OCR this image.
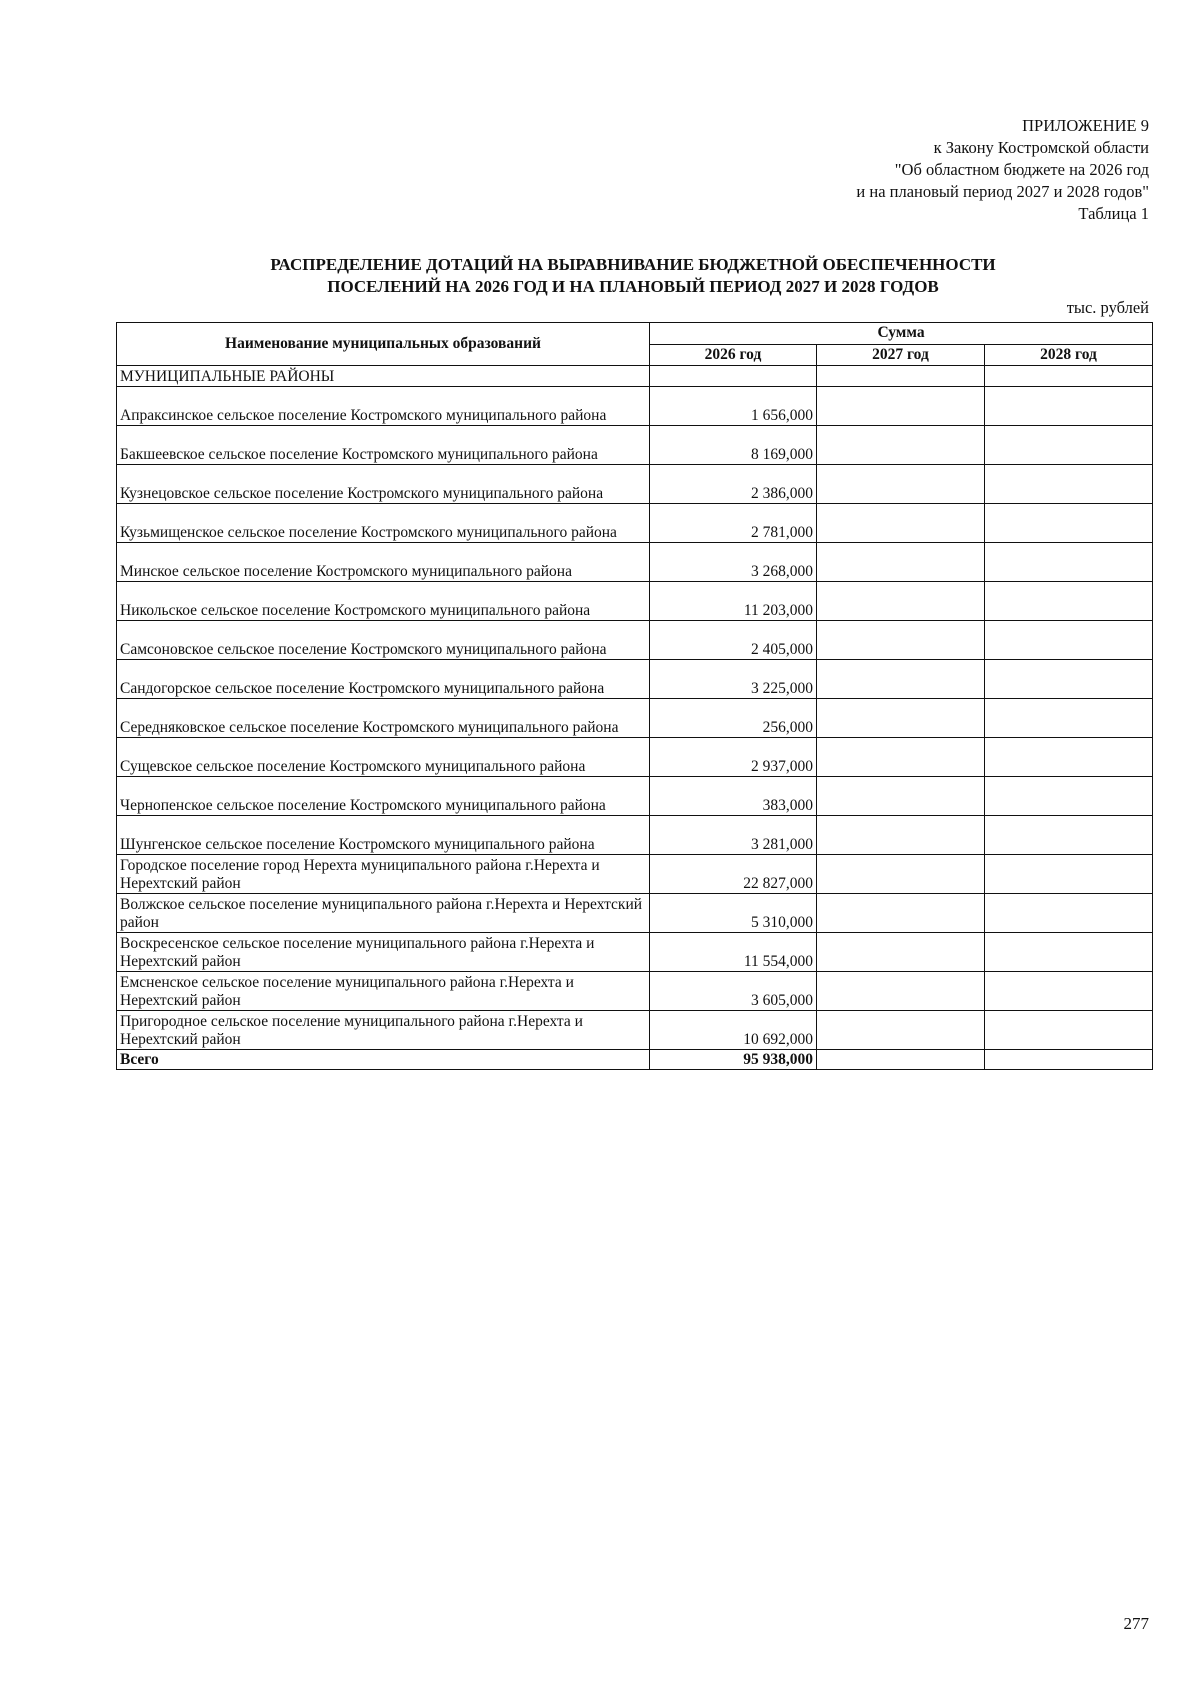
ПРИЛОЖЕНИЕ 9
к Закону Костромской области
"Об областном бюджете на 2026 год
и на плановый период 2027 и 2028 годов"
Таблица 1
РАСПРЕДЕЛЕНИЕ ДОТАЦИЙ НА ВЫРАВНИВАНИЕ БЮДЖЕТНОЙ ОБЕСПЕЧЕННОСТИ
ПОСЕЛЕНИЙ НА 2026 ГОД И НА ПЛАНОВЫЙ ПЕРИОД 2027 И 2028 ГОДОВ
тыс. рублей
Наименование муниципальных образований	Сумма		
	2026 год	2027 год	2028 год
МУНИЦИПАЛЬНЫЕ РАЙОНЫ			
Апраксинское сельское поселение Костромского муниципального района	1 656,000		
Бакшеевское сельское поселение Костромского муниципального района	8 169,000		
Кузнецовское сельское поселение Костромского муниципального района	2 386,000		
Кузьмищенское сельское поселение Костромского муниципального района	2 781,000		
Минское сельское поселение Костромского муниципального района	3 268,000		
Никольское сельское поселение Костромского муниципального района	11 203,000		
Самсоновское сельское поселение Костромского муниципального района	2 405,000		
Сандогорское сельское поселение Костромского муниципального района	3 225,000		
Середняковское сельское поселение Костромского муниципального района	256,000		
Сущевское сельское поселение Костромского муниципального района	2 937,000		
Чернопенское сельское поселение Костромского муниципального района	383,000		
Шунгенское сельское поселение Костромского муниципального района	3 281,000		
Городское поселение город Нерехта муниципального района г.Нерехта и Нерехтский район	22 827,000		
Волжское сельское поселение муниципального района г.Нерехта и Нерехтский район	5 310,000		
Воскресенское сельское поселение муниципального района г.Нерехта и Нерехтский район	11 554,000		
Емсненское сельское поселение муниципального района г.Нерехта и Нерехтский район	3 605,000		
Пригородное сельское поселение муниципального района г.Нерехта и Нерехтский район	10 692,000		
Всего	95 938,000		
277
